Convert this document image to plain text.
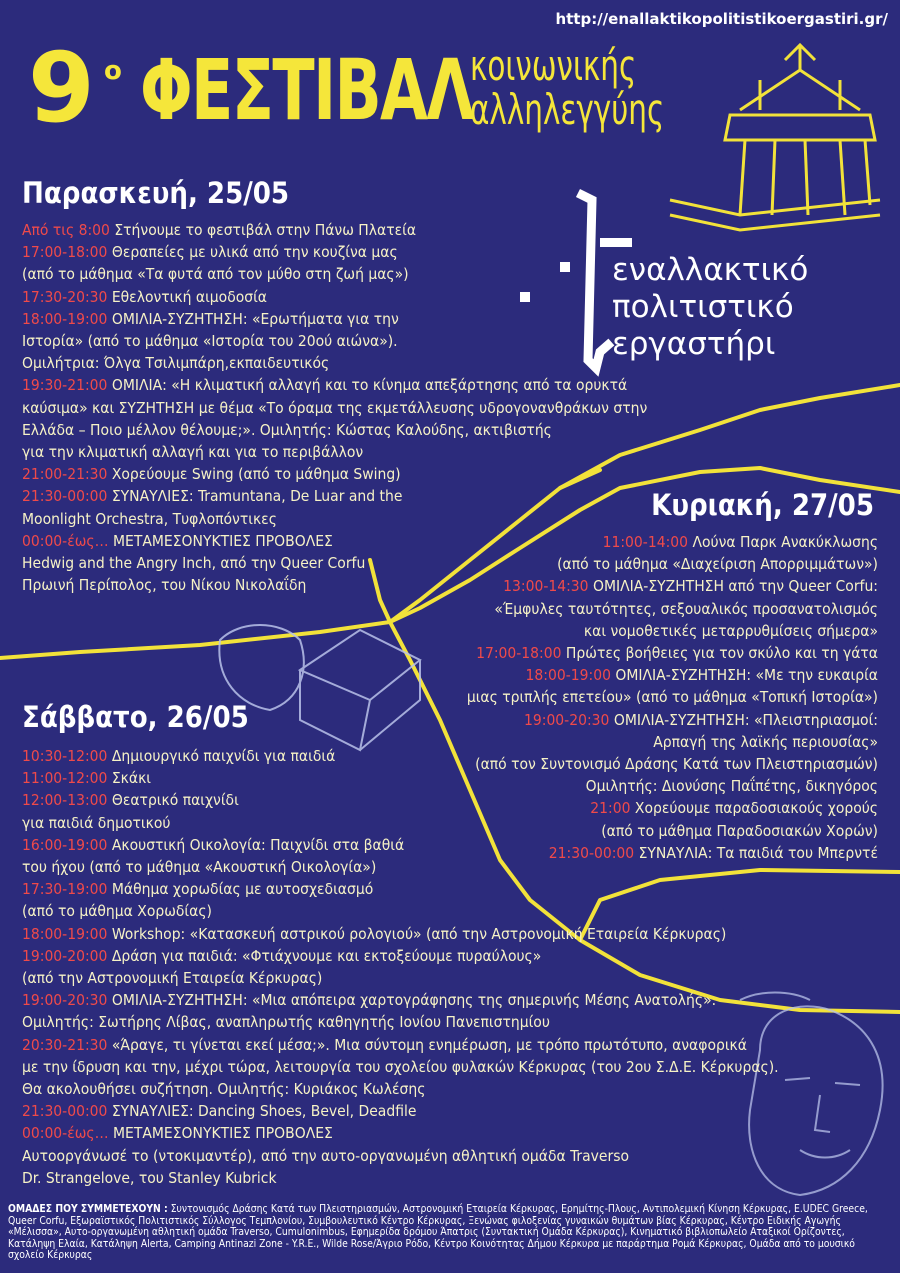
http://enallaktikopolitistikoergastiri.gr/
9 ο ΦΕΣΤΙΒΑΛ
κοινωνικής
αλληλεγγύης
εναλλακτικό
πολιτιστικό
εργαστήρι
Παρασκευή, 25/05
Από τις 8:00 Στήνουμε το φεστιβάλ στην Πάνω Πλατεία
17:00-18:00 Θεραπείες με υλικά από την κουζίνα μας
(από το μάθημα «Τα φυτά από τον μύθο στη ζωή μας»)
17:30-20:30 Εθελοντική αιμοδοσία
18:00-19:00 ΟΜΙΛΙΑ-ΣΥΖΗΤΗΣΗ: «Ερωτήματα για την
Ιστορία» (από το μάθημα «Ιστορία του 20ού αιώνα»).
Ομιλήτρια: Όλγα Τσιλιμπάρη,εκπαιδευτικός
19:30-21:00 ΟΜΙΛΙΑ: «Η κλιματική αλλαγή και το κίνημα απεξάρτησης από τα ορυκτά
καύσιμα» και ΣΥΖΗΤΗΣΗ με θέμα «Το όραμα της εκμετάλλευσης υδρογονανθράκων στην
Ελλάδα – Ποιο μέλλον θέλουμε;». Ομιλητής: Κώστας Καλούδης, ακτιβιστής
για την κλιματική αλλαγή και για το περιβάλλον
21:00-21:30 Χορεύουμε Swing (από το μάθημα Swing)
21:30-00:00 ΣΥΝΑΥΛΙΕΣ: Tramuntana, De Luar and the
Moonlight Orchestra, Τυφλοπόντικες
00:00-έως… ΜΕΤΑΜΕΣΟΝΥΚΤΙΕΣ ΠΡΟΒΟΛΕΣ
Hedwig and the Angry Inch, από την Queer Corfu
Πρωινή Περίπολος, του Νίκου Νικολαΐδη
Κυριακή, 27/05
11:00-14:00 Λούνα Παρκ Ανακύκλωσης
(από το μάθημα «Διαχείριση Απορριμμάτων»)
13:00-14:30 ΟΜΙΛΙΑ-ΣΥΖΗΤΗΣΗ από την Queer Corfu:
«Έμφυλες ταυτότητες, σεξουαλικός προσανατολισμός
και νομοθετικές μεταρρυθμίσεις σήμερα»
17:00-18:00 Πρώτες βοήθειες για τον σκύλο και τη γάτα
18:00-19:00 ΟΜΙΛΙΑ-ΣΥΖΗΤΗΣΗ: «Με την ευκαιρία
μιας τριπλής επετείου» (από το μάθημα «Τοπική Ιστορία»)
19:00-20:30 ΟΜΙΛΙΑ-ΣΥΖΗΤΗΣΗ: «Πλειστηριασμοί:
Αρπαγή της λαϊκής περιουσίας»
(από τον Συντονισμό Δράσης Κατά των Πλειστηριασμών)
Ομιλητής: Διονύσης Παΐπέτης, δικηγόρος
21:00 Χορεύουμε παραδοσιακούς χορούς
(από το μάθημα Παραδοσιακών Χορών)
21:30-00:00 ΣΥΝΑΥΛΙΑ: Τα παιδιά του Μπερντέ
Σάββατο, 26/05
10:30-12:00 Δημιουργικό παιχνίδι για παιδιά
11:00-12:00 Σκάκι
12:00-13:00 Θεατρικό παιχνίδι
για παιδιά δημοτικού
16:00-19:00 Ακουστική Οικολογία: Παιχνίδι στα βαθιά
του ήχου (από το μάθημα «Ακουστική Οικολογία»)
17:30-19:00 Μάθημα χορωδίας με αυτοσχεδιασμό
(από το μάθημα Χορωδίας)
18:00-19:00 Workshop: «Κατασκευή αστρικού ρολογιού» (από την Αστρονομική Εταιρεία Κέρκυρας)
19:00-20:00 Δράση για παιδιά: «Φτιάχνουμε και εκτοξεύουμε πυραύλους»
(από την Αστρονομική Εταιρεία Κέρκυρας)
19:00-20:30 ΟΜΙΛΙΑ-ΣΥΖΗΤΗΣΗ: «Μια απόπειρα χαρτογράφησης της σημερινής Μέσης Ανατολής».
Ομιλητής: Σωτήρης Λίβας, αναπληρωτής καθηγητής Ιονίου Πανεπιστημίου
20:30-21:30 «Άραγε, τι γίνεται εκεί μέσα;». Μια σύντομη ενημέρωση, με τρόπο πρωτότυπο, αναφορικά
με την ίδρυση και την, μέχρι τώρα, λειτουργία του σχολείου φυλακών Κέρκυρας (του 2ου Σ.Δ.Ε. Κέρκυρας).
Θα ακολουθήσει συζήτηση. Ομιλητής: Κυριάκος Κωλέσης
21:30-00:00 ΣΥΝΑΥΛΙΕΣ: Dancing Shoes, Bevel, Deadfile
00:00-έως… ΜΕΤΑΜΕΣΟΝΥΚΤΙΕΣ ΠΡΟΒΟΛΕΣ
Αυτοοργάνωσέ το (ντοκιμαντέρ), από την αυτο-οργανωμένη αθλητική ομάδα Traverso
Dr. Strangelove, του Stanley Kubrick
ΟΜΑΔΕΣ ΠΟΥ ΣΥΜΜΕΤΕΧΟΥΝ : Συντονισμός Δράσης Κατά των Πλειστηριασμών, Αστρονομική Εταιρεία Κέρκυρας, Ερημίτης-Πλους, Αντιπολεμική Κίνηση Κέρκυρας, E.UDEC Greece, Queer Corfu, Εξωραϊστικός Πολιτιστικός Σύλλογος Τεμπλονίου, Συμβουλευτικό Κέντρο Κέρκυρας, Ξενώνας φιλοξενίας γυναικών θυμάτων βίας Κέρκυρας, Κέντρο Ειδικής Αγωγής «Μέλισσα», Αυτο-οργανωμένη αθλητική ομάδα Traverso, Cumulonimbus, Εφημερίδα δρόμου Άπατρις (Συντακτική Ομάδα Κέρκυρας), Κινηματικό βιβλιοπωλείο Αταξικοί Ορίζοντες, Κατάληψη Ελαία, Κατάληψη Alerta, Camping Antinazi Zone - Y.R.E., Wilde Rose/Άγριο Ρόδο, Κέντρο Κοινότητας Δήμου Κέρκυρα με παράρτημα Ρομά Κέρκυρας, Ομάδα από το μουσικό σχολείο Κέρκυρας
